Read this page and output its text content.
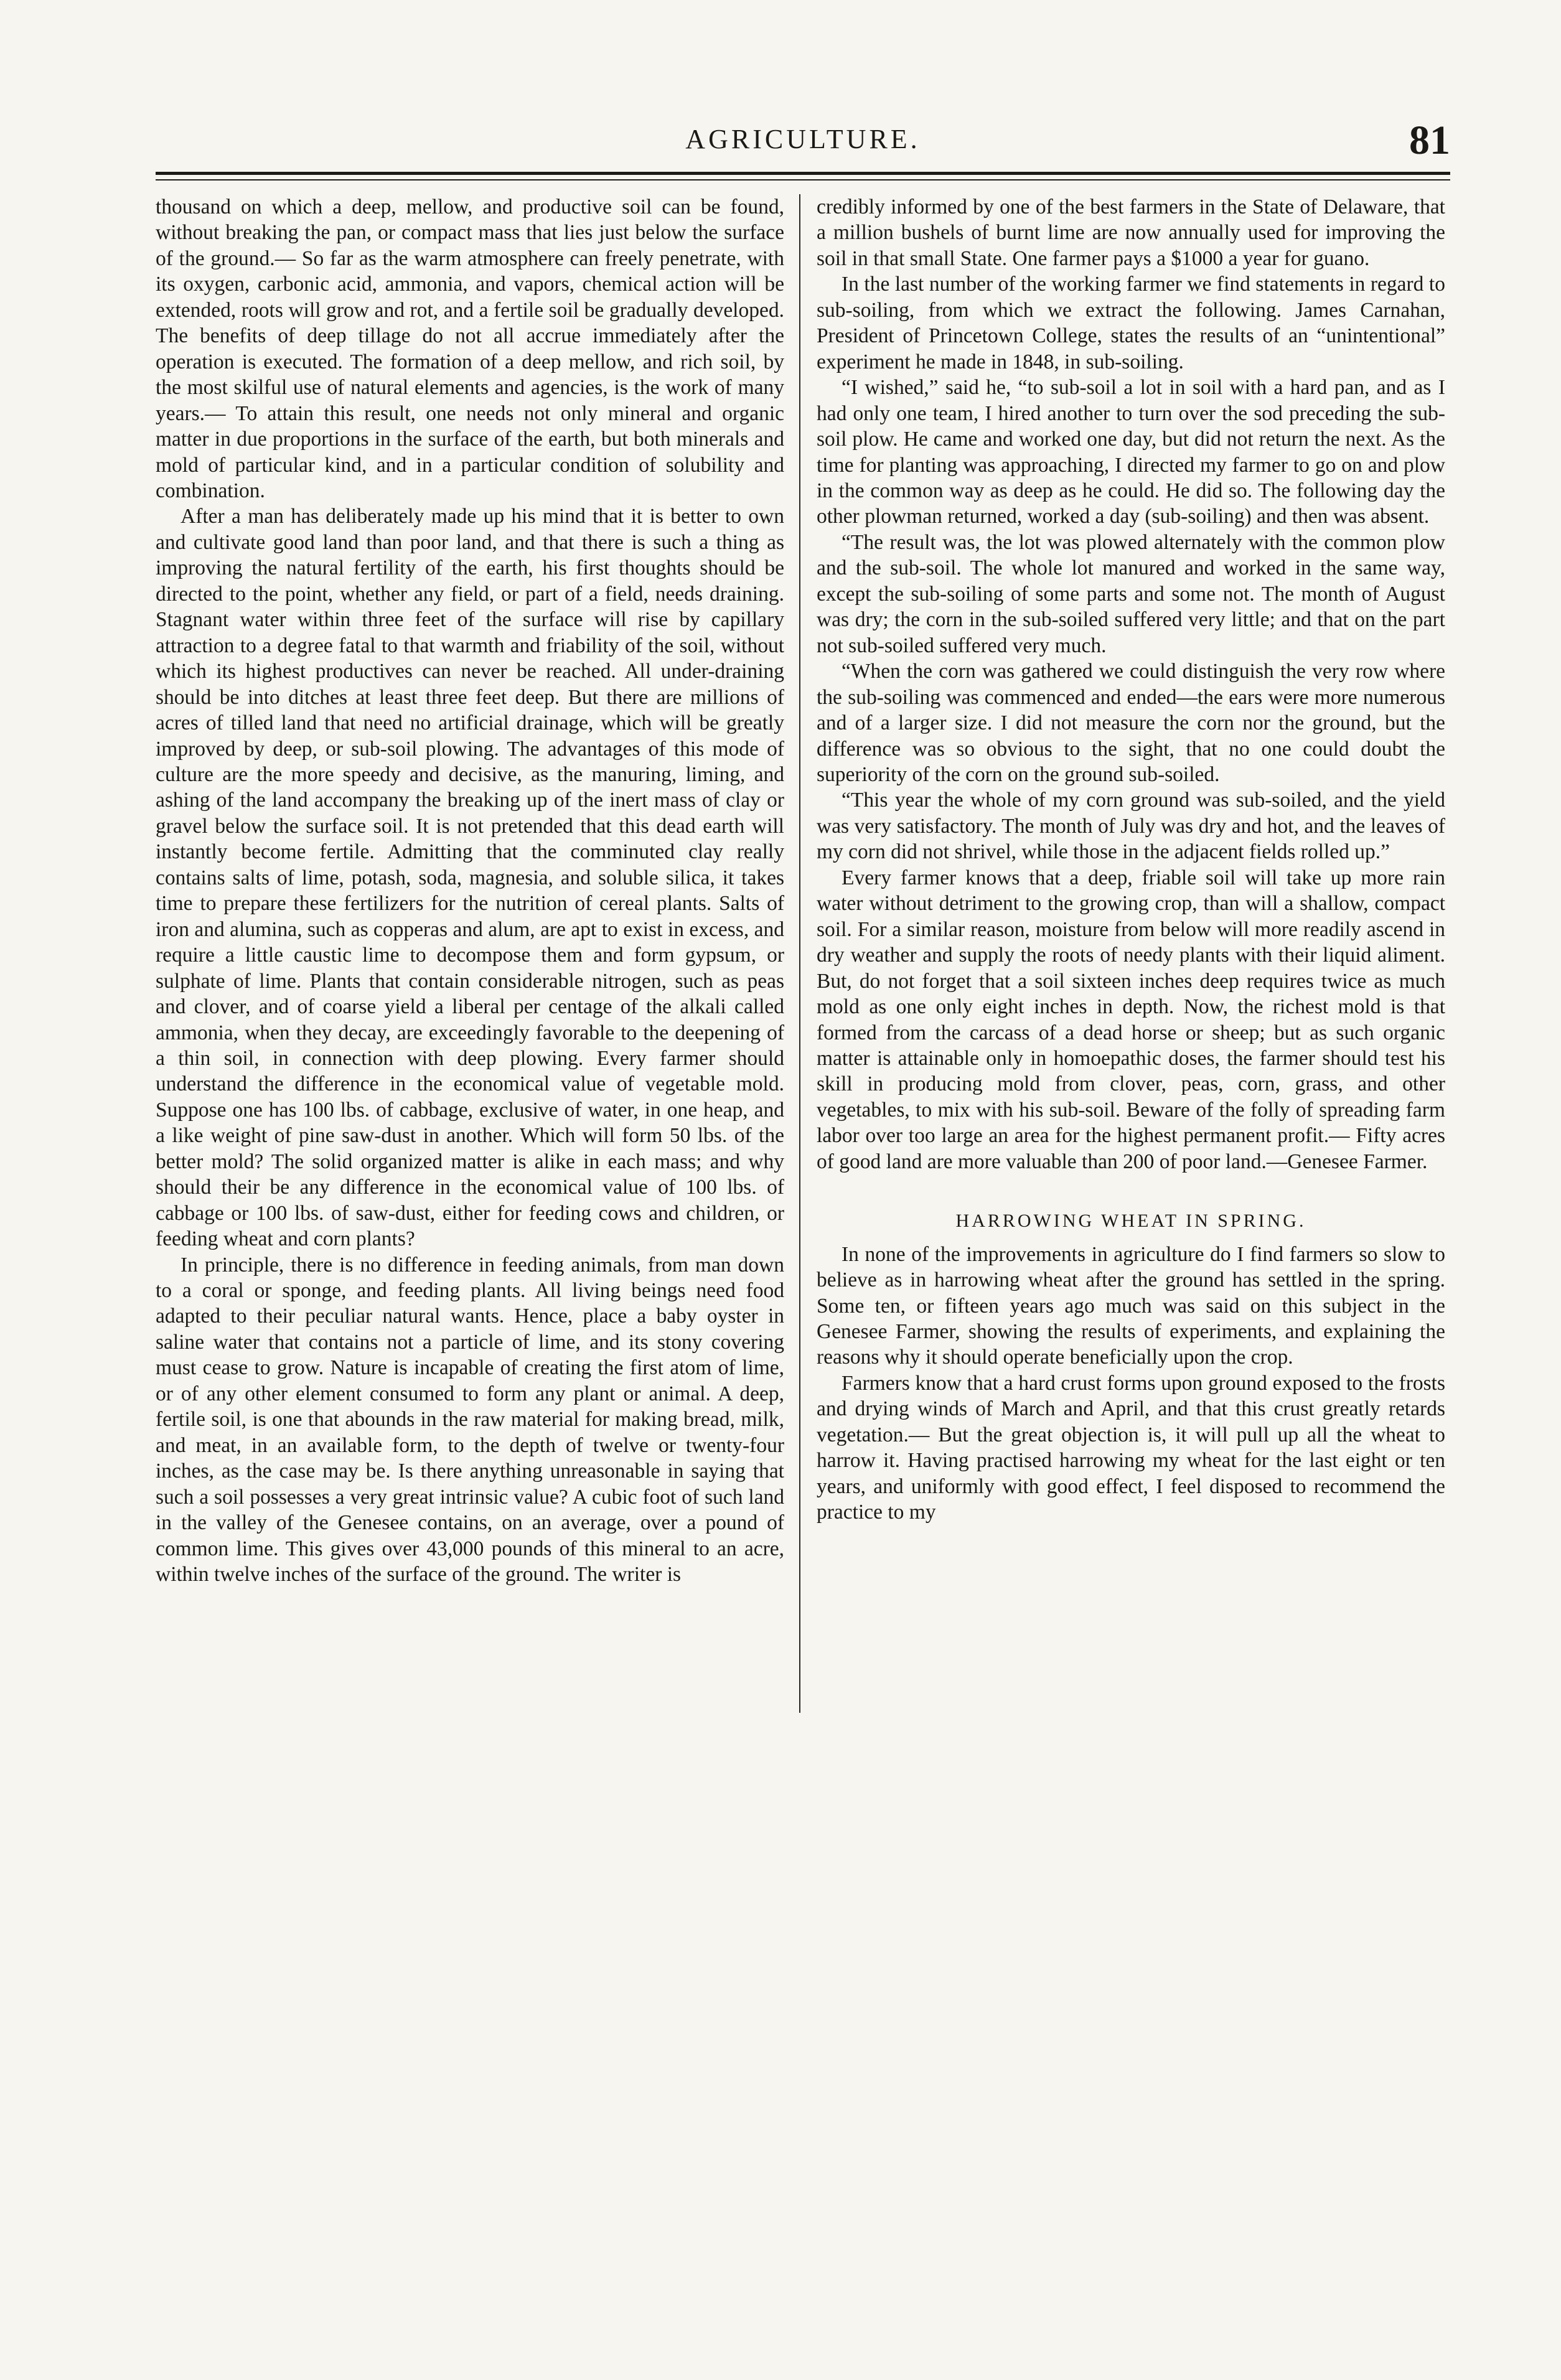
AGRICULTURE.	81

thousand on which a deep, mellow, and productive soil can be found, without breaking the pan, or compact mass that lies just below the surface of the ground.— So far as the warm atmosphere can freely penetrate, with its oxygen, carbonic acid, ammonia, and vapors, chemical action will be extended, roots will grow and rot, and a fertile soil be gradually developed. The benefits of deep tillage do not all accrue immediately after the operation is executed. The formation of a deep mellow, and rich soil, by the most skilful use of natural elements and agencies, is the work of many years.— To attain this result, one needs not only mineral and organic matter in due proportions in the surface of the earth, but both minerals and mold of particular kind, and in a particular condition of solubility and combination.

After a man has deliberately made up his mind that it is better to own and cultivate good land than poor land, and that there is such a thing as improving the natural fertility of the earth, his first thoughts should be directed to the point, whether any field, or part of a field, needs draining. Stagnant water within three feet of the surface will rise by capillary attraction to a degree fatal to that warmth and friability of the soil, without which its highest productives can never be reached. All under-draining should be into ditches at least three feet deep. But there are millions of acres of tilled land that need no artificial drainage, which will be greatly improved by deep, or sub-soil plowing. The advantages of this mode of culture are the more speedy and decisive, as the manuring, liming, and ashing of the land accompany the breaking up of the inert mass of clay or gravel below the surface soil. It is not pretended that this dead earth will instantly become fertile. Admitting that the comminuted clay really contains salts of lime, potash, soda, magnesia, and soluble silica, it takes time to prepare these fertilizers for the nutrition of cereal plants. Salts of iron and alumina, such as copperas and alum, are apt to exist in excess, and require a little caustic lime to decompose them and form gypsum, or sulphate of lime. Plants that contain considerable nitrogen, such as peas and clover, and of coarse yield a liberal per centage of the alkali called ammonia, when they decay, are exceedingly favorable to the deepening of a thin soil, in connection with deep plowing. Every farmer should understand the difference in the economical value of vegetable mold. Suppose one has 100 lbs. of cabbage, exclusive of water, in one heap, and a like weight of pine saw-dust in another. Which will form 50 lbs. of the better mold? The solid organized matter is alike in each mass; and why should their be any difference in the economical value of 100 lbs. of cabbage or 100 lbs. of saw-dust, either for feeding cows and children, or feeding wheat and corn plants?

In principle, there is no difference in feeding animals, from man down to a coral or sponge, and feeding plants. All living beings need food adapted to their peculiar natural wants. Hence, place a baby oyster in saline water that contains not a particle of lime, and its stony covering must cease to grow. Nature is incapable of creating the first atom of lime, or of any other element consumed to form any plant or animal. A deep, fertile soil, is one that abounds in the raw material for making bread, milk, and meat, in an available form, to the depth of twelve or twenty-four inches, as the case may be. Is there anything unreasonable in saying that such a soil possesses a very great intrinsic value? A cubic foot of such land in the valley of the Genesee contains, on an average, over a pound of common lime. This gives over 43,000 pounds of this mineral to an acre, within twelve inches of the surface of the ground. The writer is

credibly informed by one of the best farmers in the State of Delaware, that a million bushels of burnt lime are now annually used for improving the soil in that small State. One farmer pays a $1000 a year for guano.

In the last number of the working farmer we find statements in regard to sub-soiling, from which we extract the following. James Carnahan, President of Princetown College, states the results of an “unintentional” experiment he made in 1848, in sub-soiling.

“I wished,” said he, “to sub-soil a lot in soil with a hard pan, and as I had only one team, I hired another to turn over the sod preceding the sub-soil plow. He came and worked one day, but did not return the next. As the time for planting was approaching, I directed my farmer to go on and plow in the common way as deep as he could. He did so. The following day the other plowman returned, worked a day (sub-soiling) and then was absent.

“The result was, the lot was plowed alternately with the common plow and the sub-soil. The whole lot manured and worked in the same way, except the sub-soiling of some parts and some not. The month of August was dry; the corn in the sub-soiled suffered very little; and that on the part not sub-soiled suffered very much.

“When the corn was gathered we could distinguish the very row where the sub-soiling was commenced and ended—the ears were more numerous and of a larger size. I did not measure the corn nor the ground, but the difference was so obvious to the sight, that no one could doubt the superiority of the corn on the ground sub-soiled.

“This year the whole of my corn ground was sub-soiled, and the yield was very satisfactory. The month of July was dry and hot, and the leaves of my corn did not shrivel, while those in the adjacent fields rolled up.”

Every farmer knows that a deep, friable soil will take up more rain water without detriment to the growing crop, than will a shallow, compact soil. For a similar reason, moisture from below will more readily ascend in dry weather and supply the roots of needy plants with their liquid aliment. But, do not forget that a soil sixteen inches deep requires twice as much mold as one only eight inches in depth. Now, the richest mold is that formed from the carcass of a dead horse or sheep; but as such organic matter is attainable only in homoepathic doses, the farmer should test his skill in producing mold from clover, peas, corn, grass, and other vegetables, to mix with his sub-soil. Beware of the folly of spreading farm labor over too large an area for the highest permanent profit.— Fifty acres of good land are more valuable than 200 of poor land.—Genesee Farmer.

HARROWING WHEAT IN SPRING.

In none of the improvements in agriculture do I find farmers so slow to believe as in harrowing wheat after the ground has settled in the spring. Some ten, or fifteen years ago much was said on this subject in the Genesee Farmer, showing the results of experiments, and explaining the reasons why it should operate beneficially upon the crop.

Farmers know that a hard crust forms upon ground exposed to the frosts and drying winds of March and April, and that this crust greatly retards vegetation.— But the great objection is, it will pull up all the wheat to harrow it. Having practised harrowing my wheat for the last eight or ten years, and uniformly with good effect, I feel disposed to recommend the practice to my
